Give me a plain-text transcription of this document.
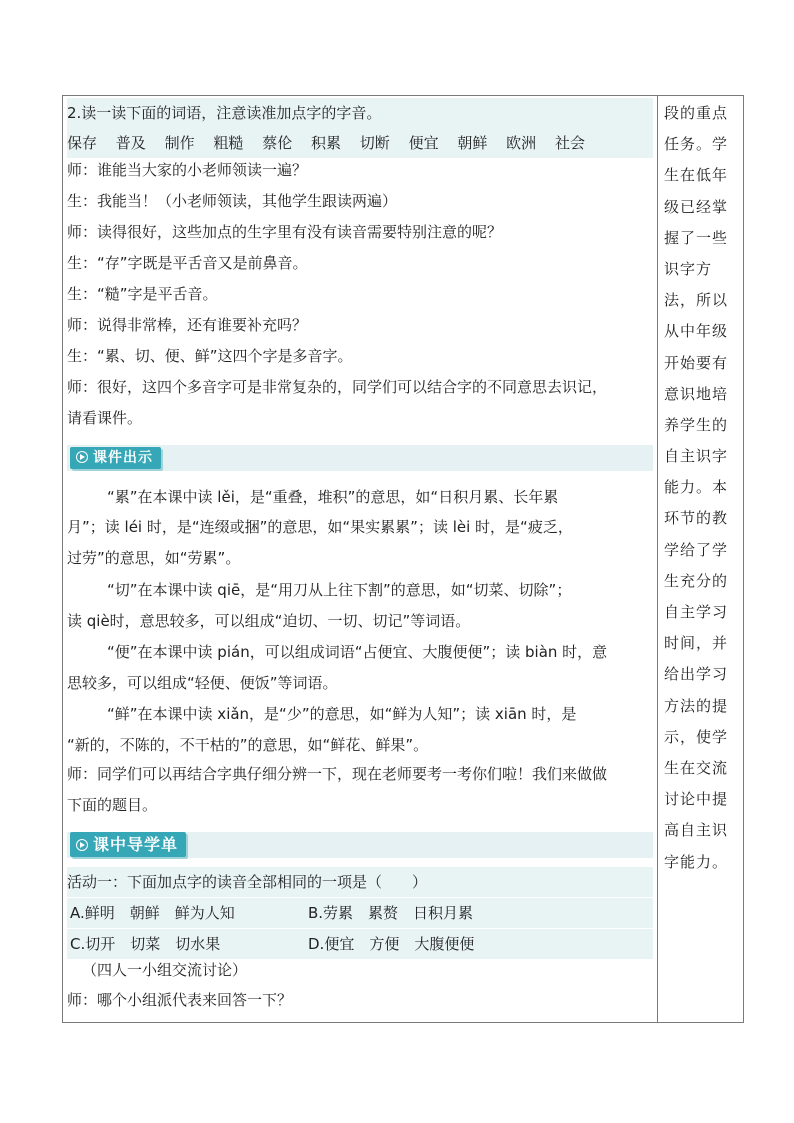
2.读一读下面的词语，注意读准加点字的字音。
保存 普及 制作 粗糙 蔡伦 积累 切断 便宜 朝鲜 欧洲 社会
师：谁能当大家的小老师领读一遍？
生：我能当！（小老师领读，其他学生跟读两遍）
师：读得很好，这些加点的生字里有没有读音需要特别注意的呢？
生：“存”字既是平舌音又是前鼻音。
生：“糙”字是平舌音。
师：说得非常棒，还有谁要补充吗？
生：“累、切、便、鲜”这四个字是多音字。
师：很好，这四个多音字可是非常复杂的，同学们可以结合字的不同意思去识记，
请看课件。
课件出示
“累”在本课中读 lěi，是“重叠，堆积”的意思，如“日积月累、长年累
月”；读 léi 时，是“连缀或捆”的意思，如“果实累累”；读 lèi 时，是“疲乏，
过劳”的意思，如“劳累”。
“切”在本课中读 qiē，是“用刀从上往下割”的意思，如“切菜、切除”；
读 qiè时，意思较多，可以组成“迫切、一切、切记”等词语。
“便”在本课中读 pián，可以组成词语“占便宜、大腹便便”；读 biàn 时，意
思较多，可以组成“轻便、便饭”等词语。
“鲜”在本课中读 xiǎn，是“少”的意思，如“鲜为人知”；读 xiān 时，是
“新的，不陈的，不干枯的”的意思，如“鲜花、鲜果”。
师：同学们可以再结合字典仔细分辨一下，现在老师要考一考你们啦！我们来做做
下面的题目。
课中导学单
活动一：下面加点字的读音全部相同的一项是（　　）
A.鲜明　朝鲜　鲜为人知	B.劳累　累赘　日积月累
C.切开　切菜　切水果	D.便宜　方便　大腹便便
（四人一小组交流讨论）
师：哪个小组派代表来回答一下？
段的重点
任务。学
生在低年
级已经掌
握了一些
识字方
法，所以
从中年级
开始要有
意识地培
养学生的
自主识字
能力。本
环节的教
学给了学
生充分的
自主学习
时间，并
给出学习
方法的提
示，使学
生在交流
讨论中提
高自主识
字能力。
